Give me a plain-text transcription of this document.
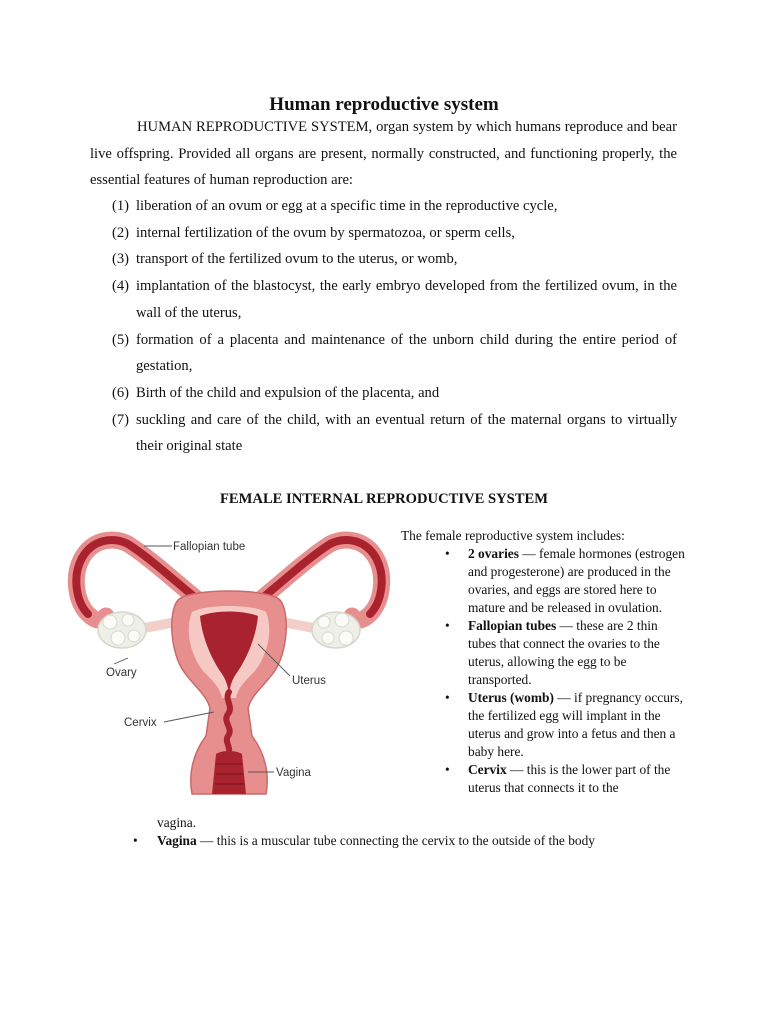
Human reproductive system

HUMAN REPRODUCTIVE SYSTEM, organ system by which humans reproduce and bear live offspring. Provided all organs are present, normally constructed, and functioning properly, the essential features of human reproduction are:

(1) liberation of an ovum or egg at a specific time in the reproductive cycle,
(2) internal fertilization of the ovum by spermatozoa, or sperm cells,
(3) transport of the fertilized ovum to the uterus, or womb,
(4) implantation of the blastocyst, the early embryo developed from the fertilized ovum, in the wall of the uterus,
(5) formation of a placenta and maintenance of the unborn child during the entire period of gestation,
(6) Birth of the child and expulsion of the placenta, and
(7) suckling and care of the child, with an eventual return of the maternal organs to virtually their original state
FEMALE INTERNAL REPRODUCTIVE SYSTEM
Fallopian tube
Ovary
Uterus
Cervix
Vagina

The female reproductive system includes:

• 2 ovaries — female hormones (estrogen and progesterone) are produced in the ovaries, and eggs are stored here to mature and be released in ovulation.
• Fallopian tubes — these are 2 thin tubes that connect the ovaries to the uterus, allowing the egg to be transported.
• Uterus (womb) — if pregnancy occurs, the fertilized egg will implant in the uterus and grow into a fetus and then a baby here.
• Cervix — this is the lower part of the uterus that connects it to the
vagina.
• Vagina — this is a muscular tube connecting the cervix to the outside of the body
